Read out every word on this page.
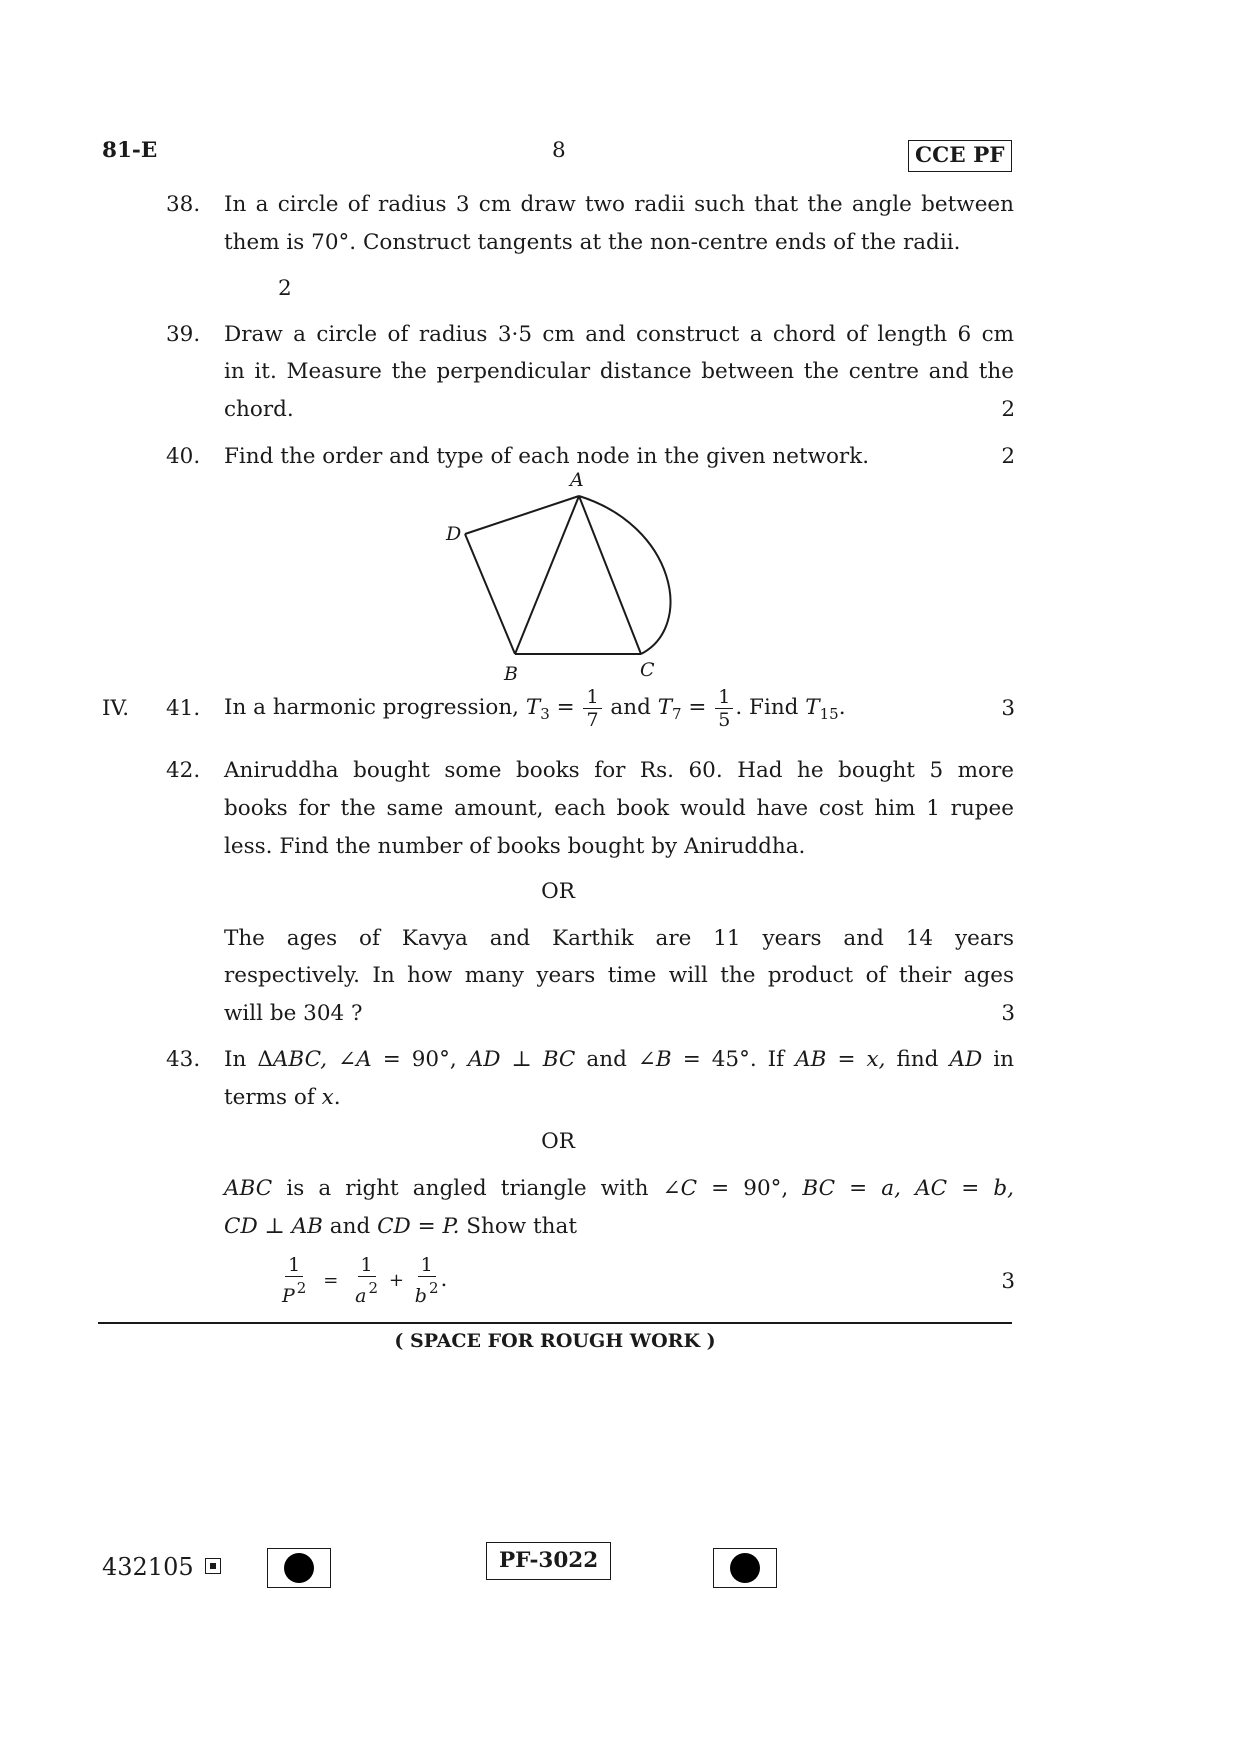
81-E	8	CCE PF
38. In a circle of radius 3 cm draw two radii such that the angle between
them is 70°. Construct tangents at the non-centre ends of the radii.
2
39. Draw a circle of radius 3·5 cm and construct a chord of length 6 cm
in it. Measure the perpendicular distance between the centre and the
chord.	2
40. Find the order and type of each node in the given network.	2
A
D
B	C
IV. 41. In a harmonic progression, $T_3 = \frac{1}{7}$ and $T_7 = \frac{1}{5}$ . Find $T_{15}$.	3
42. Aniruddha bought some books for Rs. 60. Had he bought 5 more
books for the same amount, each book would have cost him 1 rupee
less. Find the number of books bought by Aniruddha.
OR
The ages of Kavya and Karthik are 11 years and 14 years
respectively. In how many years time will the product of their ages
will be 304 ?	3
43. In ΔABC, ∠A = 90°, AD ⊥ BC and ∠B = 45°. If AB = x, find AD in
terms of x.
OR
ABC is a right angled triangle with ∠C = 90°, BC = a, AC = b,
CD ⊥ AB and CD = P. Show that
$\frac{1}{P ^2} = \frac{1}{a ^2} + \frac{1}{b ^2}$ .	3
( SPACE FOR ROUGH WORK )
432105	PF-3022
